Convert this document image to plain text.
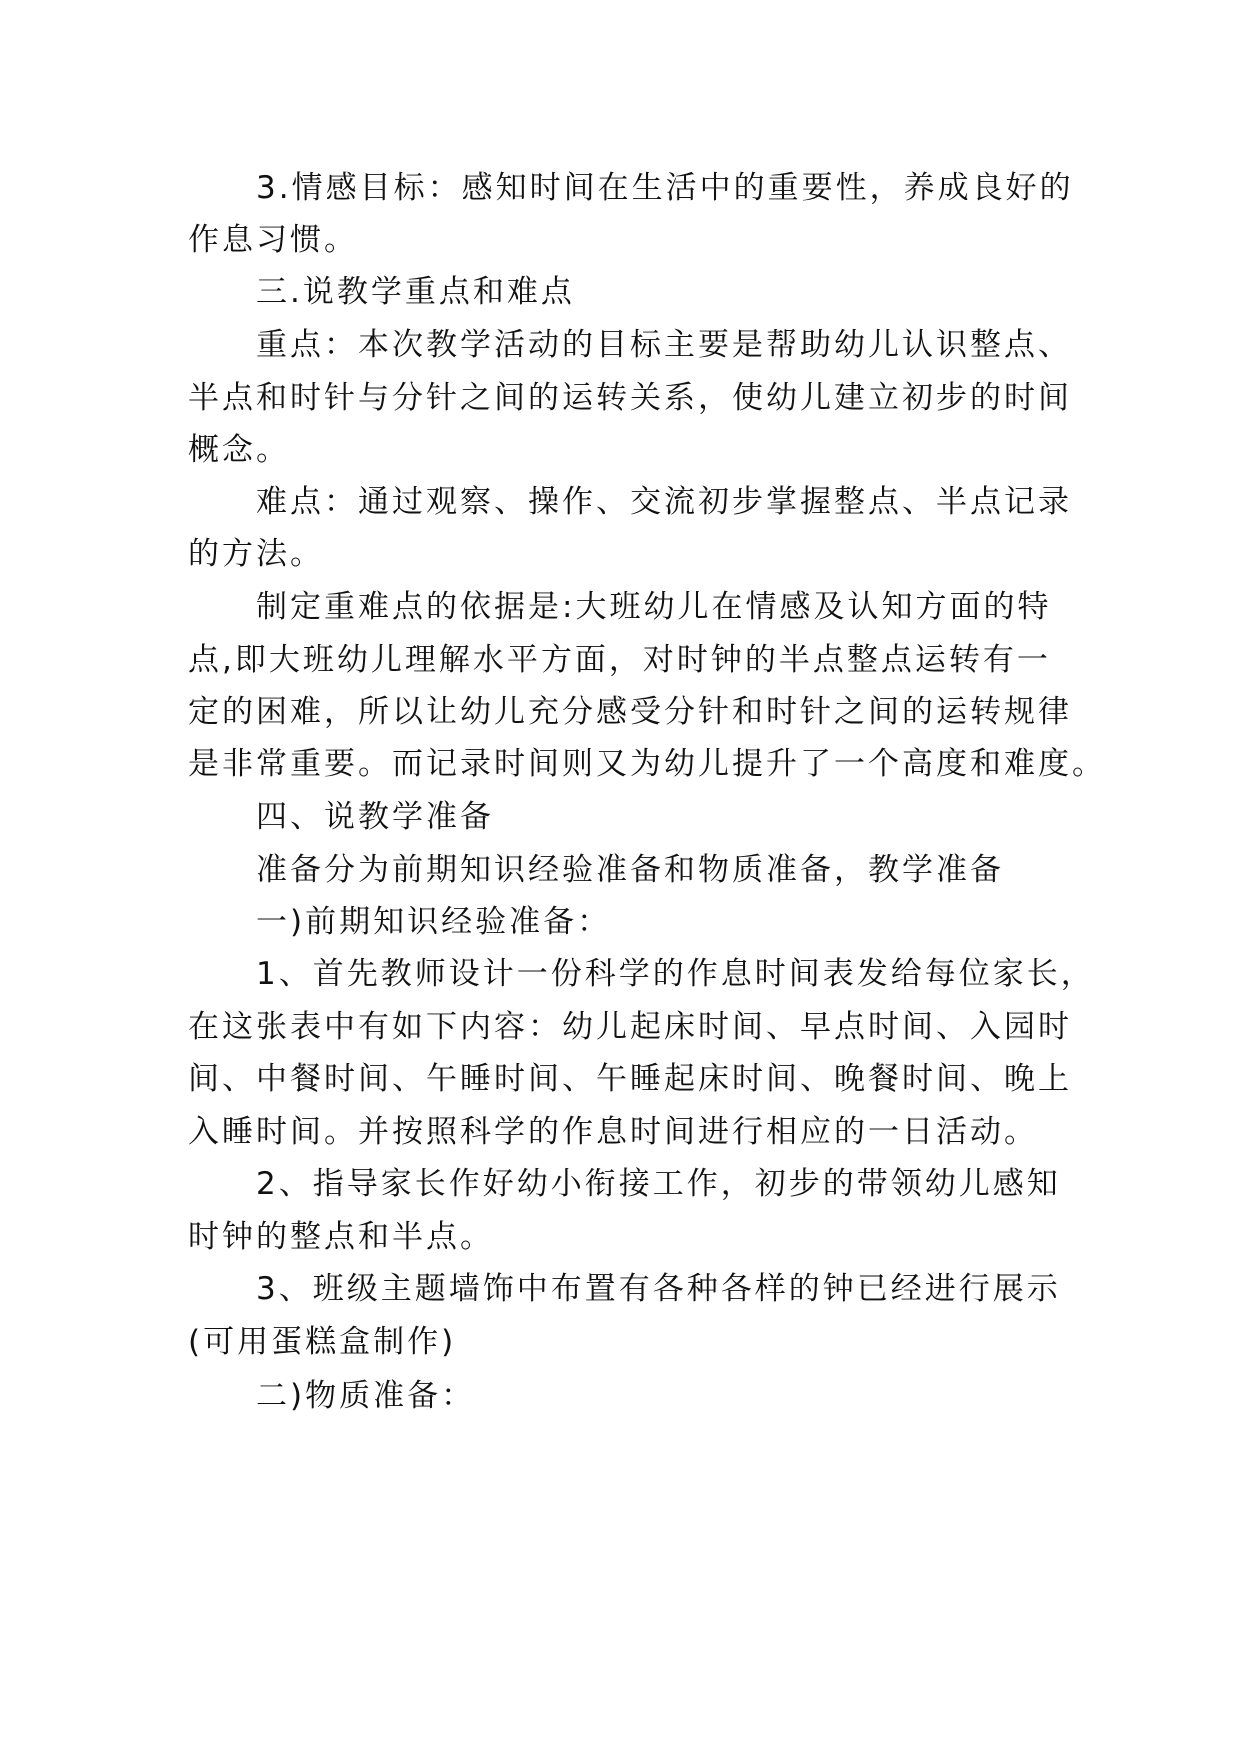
3.情感目标：感知时间在生活中的重要性，养成良好的
作息习惯。
三.说教学重点和难点
重点：本次教学活动的目标主要是帮助幼儿认识整点、
半点和时针与分针之间的运转关系，使幼儿建立初步的时间
概念。
难点：通过观察、操作、交流初步掌握整点、半点记录
的方法。
制定重难点的依据是:大班幼儿在情感及认知方面的特
点,即大班幼儿理解水平方面，对时钟的半点整点运转有一
定的困难，所以让幼儿充分感受分针和时针之间的运转规律
是非常重要。而记录时间则又为幼儿提升了一个高度和难度。
四、说教学准备
准备分为前期知识经验准备和物质准备，教学准备
一)前期知识经验准备：
1、首先教师设计一份科学的作息时间表发给每位家长，
在这张表中有如下内容：幼儿起床时间、早点时间、入园时
间、中餐时间、午睡时间、午睡起床时间、晚餐时间、晚上
入睡时间。并按照科学的作息时间进行相应的一日活动。
2、指导家长作好幼小衔接工作，初步的带领幼儿感知
时钟的整点和半点。
3、班级主题墙饰中布置有各种各样的钟已经进行展示
(可用蛋糕盒制作)
二)物质准备：
